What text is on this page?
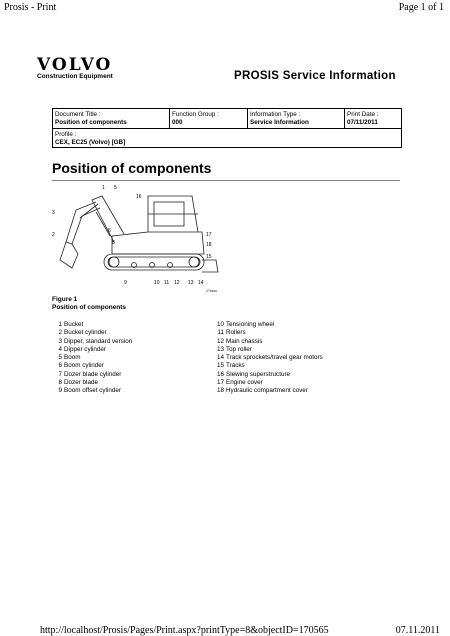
Prosis - Print	Page 1 of 1
VOLVO
Construction Equipment	PROSIS Service Information
Document Title :
Position of components
Function Group :
000
Information Type :
Service Information
Print Date :
07/11/2011
Profile :
CEX, EC25 (Volvo) [GB]
Position of components
1
3
2
5
16
6
8
17
18
15
9	10 11 12 13 14
17cxxx
Figure 1
Position of components
1 Bucket
2 Bucket cylinder
3 Dipper, standard version
4 Dipper cylinder
5 Boom
6 Boom cylinder
7 Dozer blade cylinder
8 Dozer blade
9 Boom offset cylinder
10 Tensioning wheel
11 Rollers
12 Main chassis
13 Top roller
14 Track sprockets/travel gear motors
15 Tracks
16 Slewing superstructure
17 Engine cover
18 Hydraulic compartment cover
http://localhost/Prosis/Pages/Print.aspx?printType=8&objectID=170565	07.11.2011
